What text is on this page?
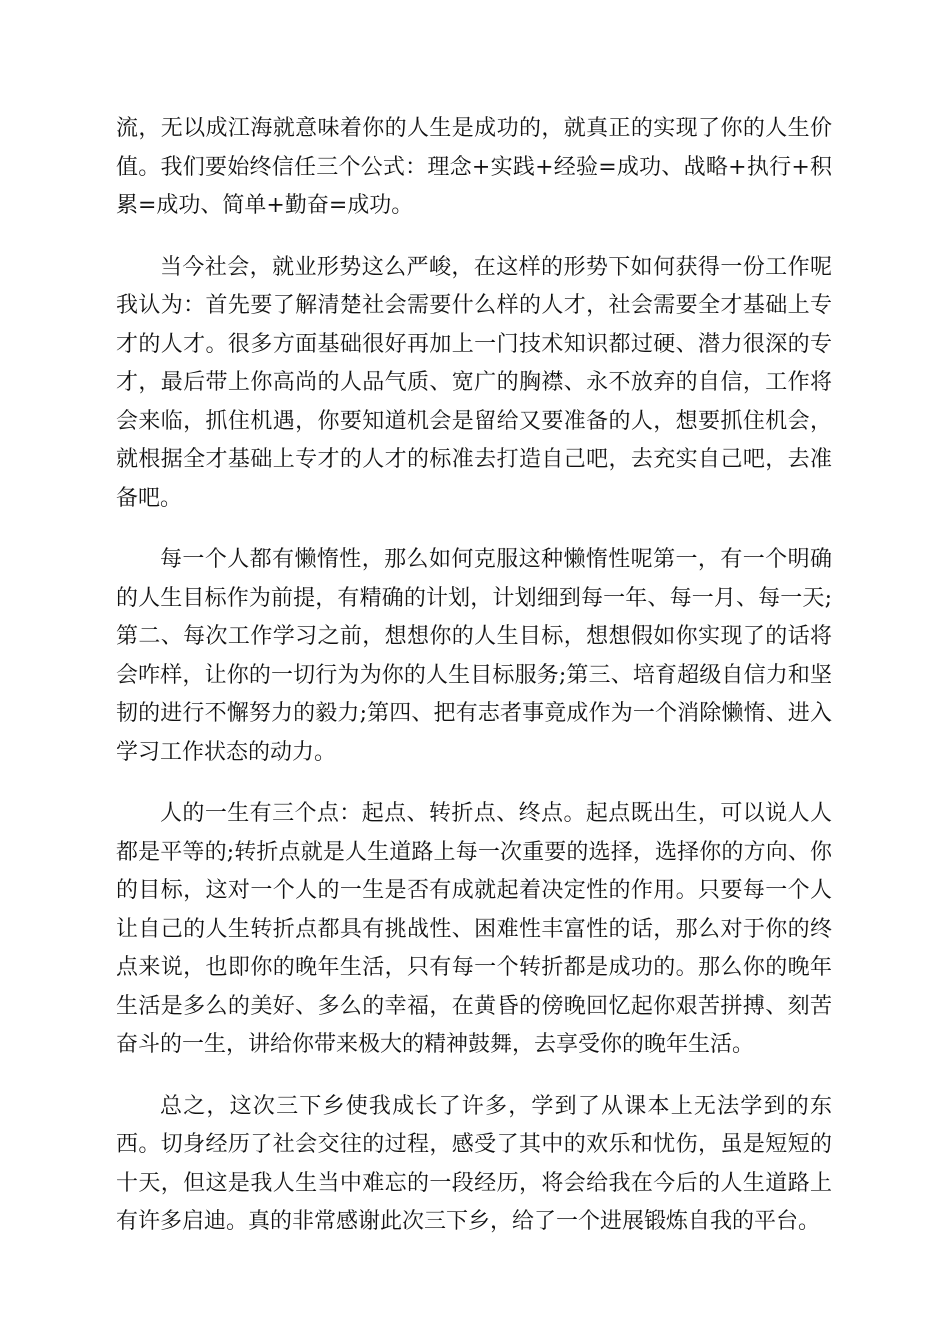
流，无以成江海就意味着你的人生是成功的，就真正的实现了你的人生价值。我们要始终信任三个公式：理念+实践+经验=成功、战略+执行+积累=成功、简单+勤奋=成功。

当今社会，就业形势这么严峻，在这样的形势下如何获得一份工作呢我认为：首先要了解清楚社会需要什么样的人才，社会需要全才基础上专才的人才。很多方面基础很好再加上一门技术知识都过硬、潜力很深的专才，最后带上你高尚的人品气质、宽广的胸襟、永不放弃的自信，工作将会来临，抓住机遇，你要知道机会是留给又要准备的人，想要抓住机会，就根据全才基础上专才的人才的标准去打造自己吧，去充实自己吧，去准备吧。

每一个人都有懒惰性，那么如何克服这种懒惰性呢第一，有一个明确的人生目标作为前提，有精确的计划，计划细到每一年、每一月、每一天;第二、每次工作学习之前，想想你的人生目标，想想假如你实现了的话将会咋样，让你的一切行为为你的人生目标服务;第三、培育超级自信力和坚韧的进行不懈努力的毅力;第四、把有志者事竟成作为一个消除懒惰、进入学习工作状态的动力。

人的一生有三个点：起点、转折点、终点。起点既出生，可以说人人都是平等的;转折点就是人生道路上每一次重要的选择，选择你的方向、你的目标，这对一个人的一生是否有成就起着决定性的作用。只要每一个人让自己的人生转折点都具有挑战性、困难性丰富性的话，那么对于你的终点来说，也即你的晚年生活，只有每一个转折都是成功的。那么你的晚年生活是多么的美好、多么的幸福，在黄昏的傍晚回忆起你艰苦拼搏、刻苦奋斗的一生，讲给你带来极大的精神鼓舞，去享受你的晚年生活。

总之，这次三下乡使我成长了许多，学到了从课本上无法学到的东西。切身经历了社会交往的过程，感受了其中的欢乐和忧伤，虽是短短的十天，但这是我人生当中难忘的一段经历，将会给我在今后的人生道路上有许多启迪。真的非常感谢此次三下乡，给了一个进展锻炼自我的平台。
